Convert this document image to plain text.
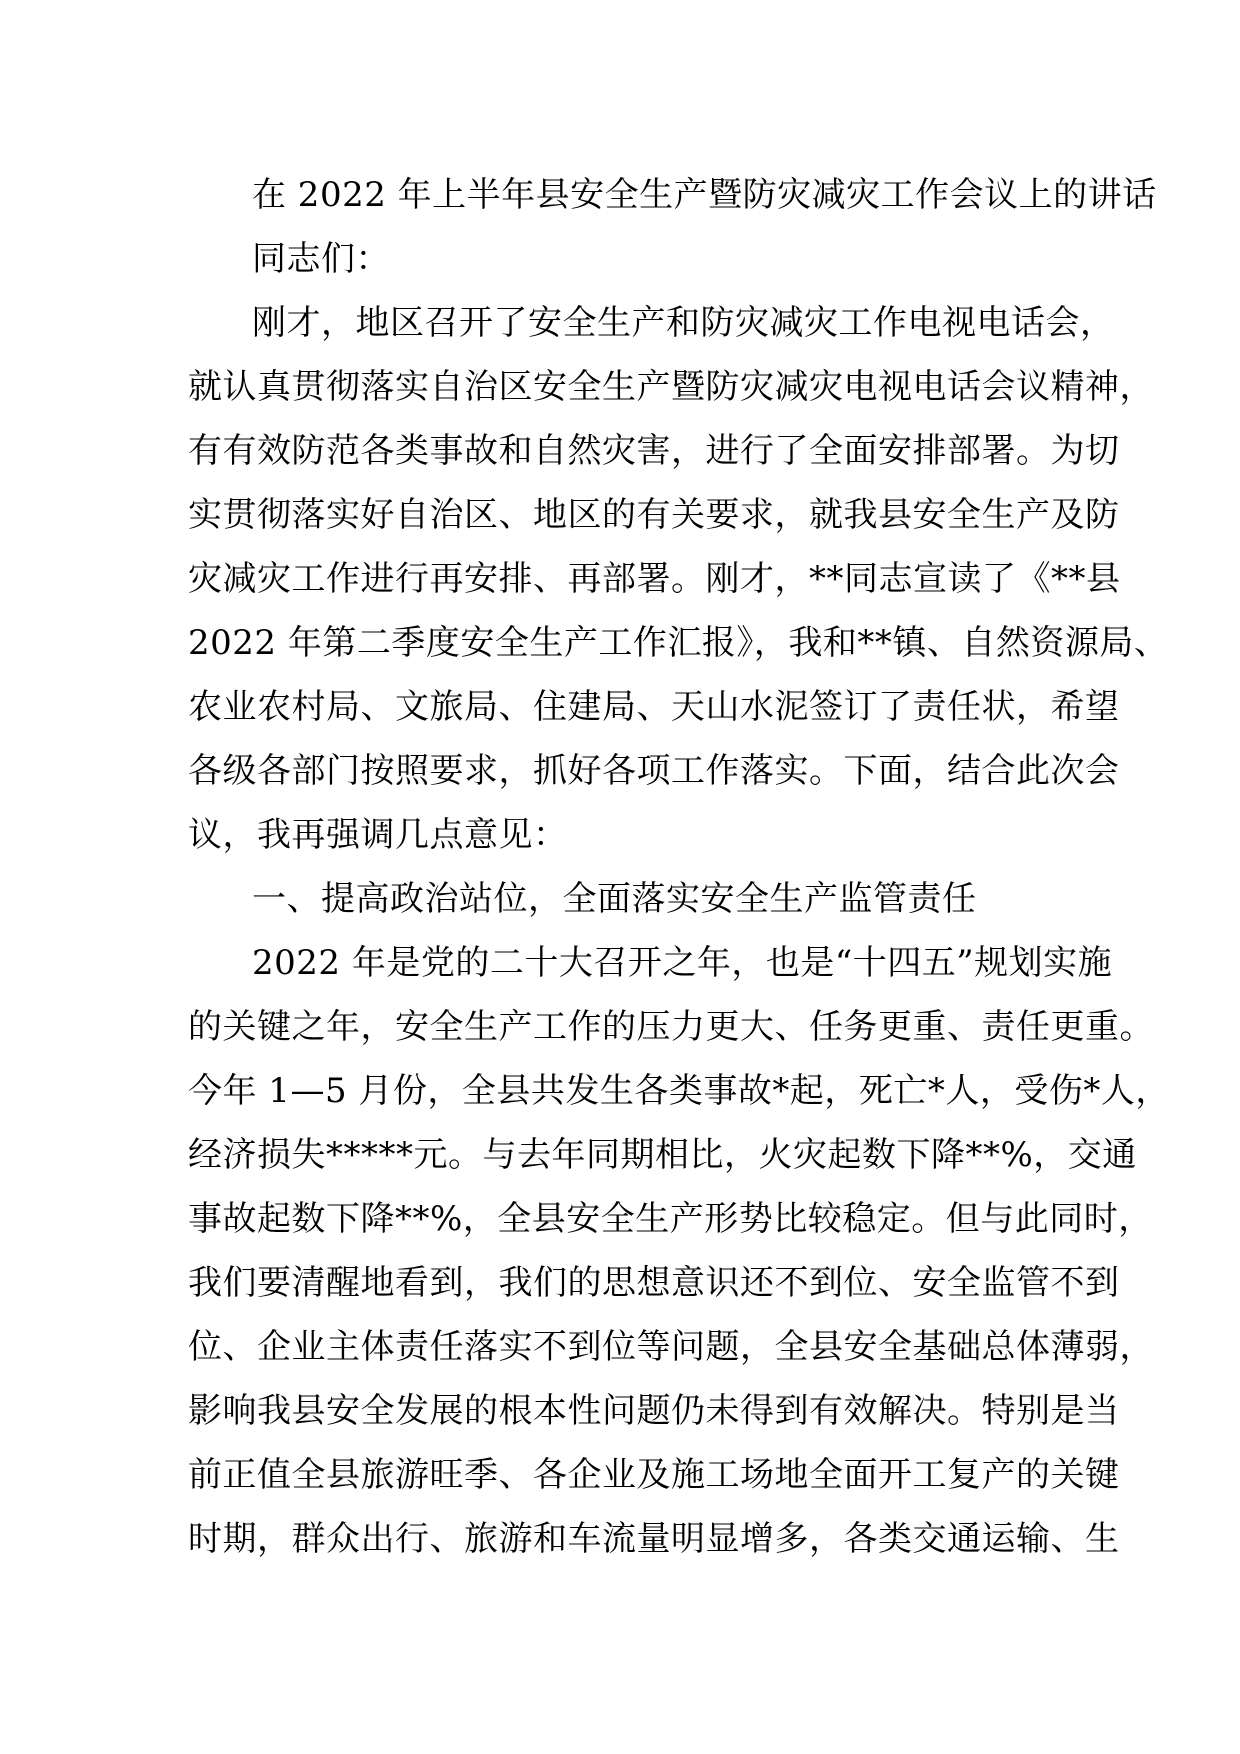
在 2022 年上半年县安全生产暨防灾减灾工作会议上的讲话

同志们：

刚才，地区召开了安全生产和防灾减灾工作电视电话会，

就认真贯彻落实自治区安全生产暨防灾减灾电视电话会议精神，

有有效防范各类事故和自然灾害，进行了全面安排部署。为切

实贯彻落实好自治区、地区的有关要求，就我县安全生产及防

灾减灾工作进行再安排、再部署。刚才，**同志宣读了《**县

2022 年第二季度安全生产工作汇报》，我和**镇、自然资源局、

农业农村局、文旅局、住建局、天山水泥签订了责任状，希望

各级各部门按照要求，抓好各项工作落实。下面，结合此次会

议，我再强调几点意见：

一、提高政治站位，全面落实安全生产监管责任

2022 年是党的二十大召开之年，也是“十四五”规划实施

的关键之年，安全生产工作的压力更大、任务更重、责任更重。

今年 1—5 月份，全县共发生各类事故*起，死亡*人，受伤*人，

经济损失*****元。与去年同期相比，火灾起数下降**%，交通

事故起数下降**%，全县安全生产形势比较稳定。但与此同时，

我们要清醒地看到，我们的思想意识还不到位、安全监管不到

位、企业主体责任落实不到位等问题，全县安全基础总体薄弱，

影响我县安全发展的根本性问题仍未得到有效解决。特别是当

前正值全县旅游旺季、各企业及施工场地全面开工复产的关键

时期，群众出行、旅游和车流量明显增多，各类交通运输、生
